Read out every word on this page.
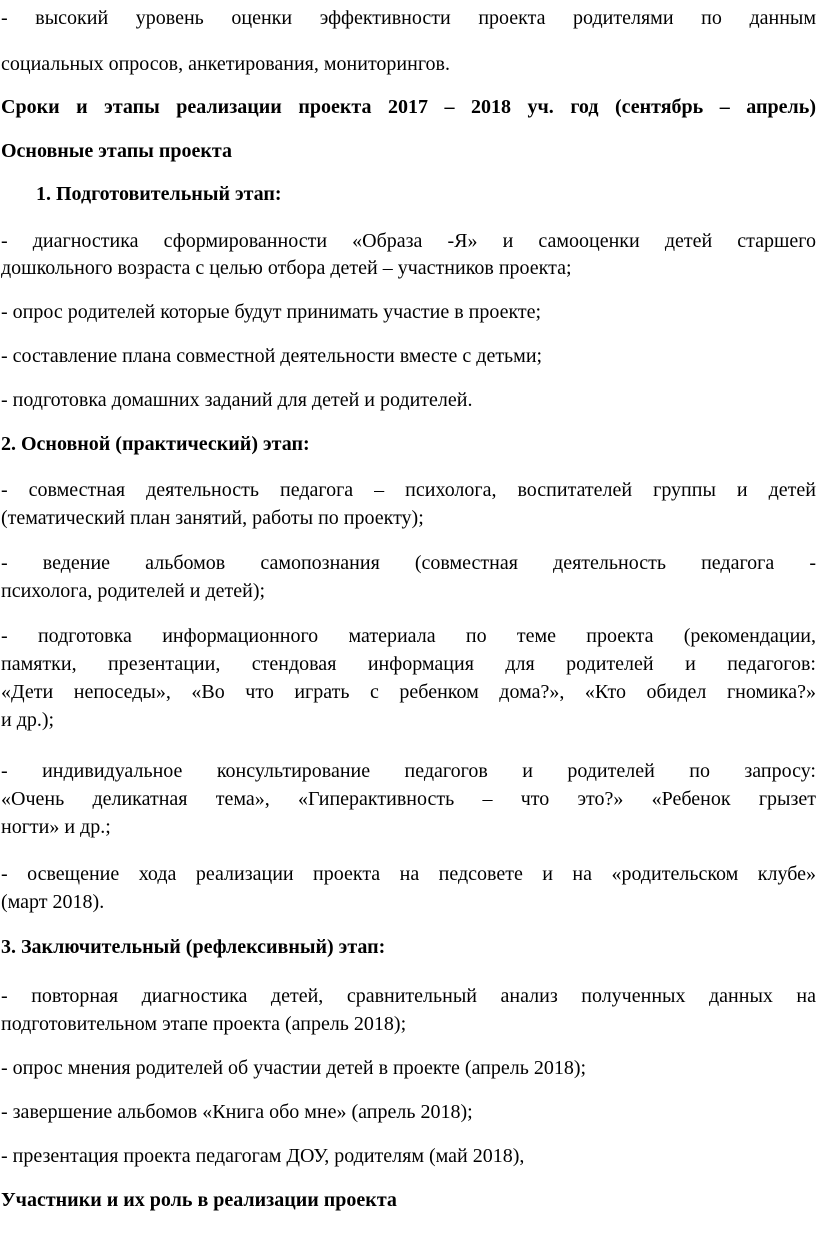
- высокий уровень оценки эффективности проекта родителями по данным

социальных опросов, анкетирования, мониторингов.

Сроки и этапы реализации проекта 2017 – 2018 уч. год (сентябрь – апрель)

Основные этапы проекта

1. Подготовительный этап:

- диагностика сформированности «Образа -Я» и самооценки детей старшего

дошкольного возраста с целью отбора детей – участников проекта;

- опрос родителей которые будут принимать участие в проекте;

- составление плана совместной деятельности вместе с детьми;

- подготовка домашних заданий для детей и родителей.

2. Основной (практический) этап:

- совместная деятельность педагога – психолога, воспитателей группы и детей

(тематический план занятий, работы по проекту);

- ведение альбомов самопознания (совместная деятельность педагога -

психолога, родителей и детей);

- подготовка информационного материала по теме проекта (рекомендации,

памятки, презентации, стендовая информация для родителей и педагогов:

«Дети непоседы», «Во что играть с ребенком дома?», «Кто обидел гномика?»

и др.);

- индивидуальное консультирование педагогов и родителей по запросу:

«Очень деликатная тема», «Гиперактивность – что это?» «Ребенок грызет

ногти» и др.;

- освещение хода реализации проекта на педсовете и на «родительском клубе»

(март 2018).

3. Заключительный (рефлексивный) этап:

- повторная диагностика детей, сравнительный анализ полученных данных на

подготовительном этапе проекта (апрель 2018);

- опрос мнения родителей об участии детей в проекте (апрель 2018);

- завершение альбомов «Книга обо мне» (апрель 2018);

- презентация проекта педагогам ДОУ, родителям (май 2018),

Участники и их роль в реализации проекта
